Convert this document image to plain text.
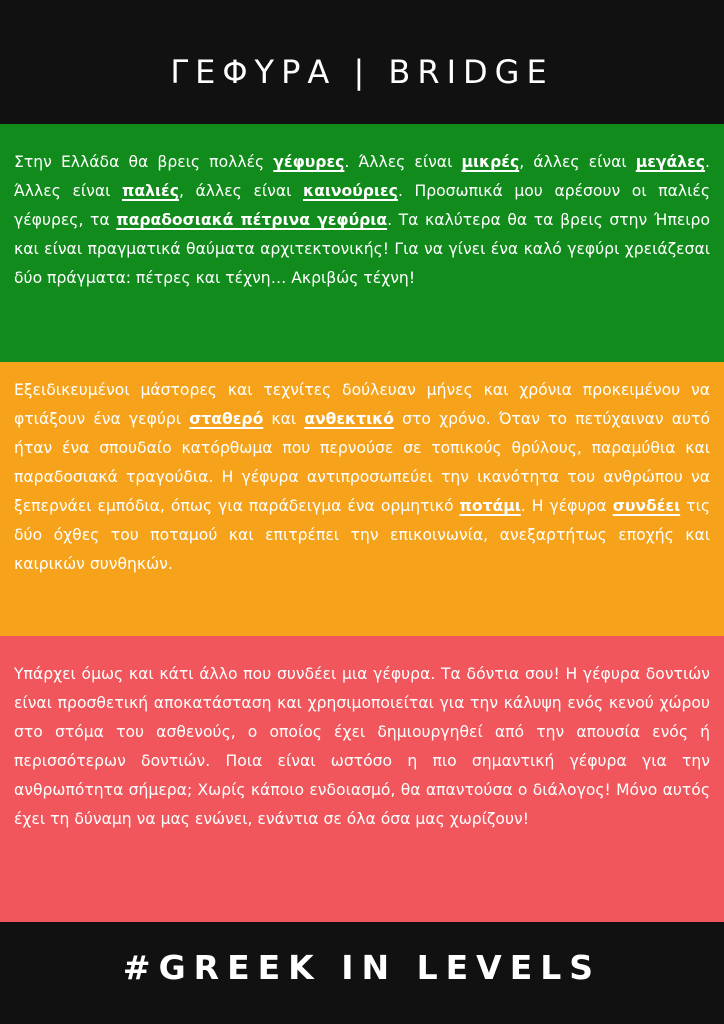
ΓΕΦΥΡΑ | BRIDGE

Στην Ελλάδα θα βρεις πολλές γέφυρες. Άλλες είναι μικρές, άλλες είναι μεγάλες. Άλλες είναι παλιές, άλλες είναι καινούριες. Προσωπικά μου αρέσουν οι παλιές γέφυρες, τα παραδοσιακά πέτρινα γεφύρια. Τα καλύτερα θα τα βρεις στην Ήπειρο και είναι πραγματικά θαύματα αρχιτεκτονικής! Για να γίνει ένα καλό γεφύρι χρειάζεσαι δύο πράγματα: πέτρες και τέχνη… Ακριβώς τέχνη!

Εξειδικευμένοι μάστορες και τεχνίτες δούλευαν μήνες και χρόνια προκειμένου να φτιάξουν ένα γεφύρι σταθερό και ανθεκτικό στο χρόνο. Όταν το πετύχαιναν αυτό ήταν ένα σπουδαίο κατόρθωμα που περνούσε σε τοπικούς θρύλους, παραμύθια και παραδοσιακά τραγούδια. Η γέφυρα αντιπροσωπεύει την ικανότητα του ανθρώπου να ξεπερνάει εμπόδια, όπως για παράδειγμα ένα ορμητικό ποτάμι. Η γέφυρα συνδέει τις δύο όχθες του ποταμού και επιτρέπει την επικοινωνία, ανεξαρτήτως εποχής και καιρικών συνθηκών.

Υπάρχει όμως και κάτι άλλο που συνδέει μια γέφυρα. Τα δόντια σου! Η γέφυρα δοντιών είναι προσθετική αποκατάσταση και χρησιμοποιείται για την κάλυψη ενός κενού χώρου στο στόμα του ασθενούς, ο οποίος έχει δημιουργηθεί από την απουσία ενός ή περισσότερων δοντιών. Ποια είναι ωστόσο η πιο σημαντική γέφυρα για την ανθρωπότητα σήμερα; Χωρίς κάποιο ενδοιασμό, θα απαντούσα ο διάλογος! Μόνο αυτός έχει τη δύναμη να μας ενώνει, ενάντια σε όλα όσα μας χωρίζουν!

#GREEK IN LEVELS
